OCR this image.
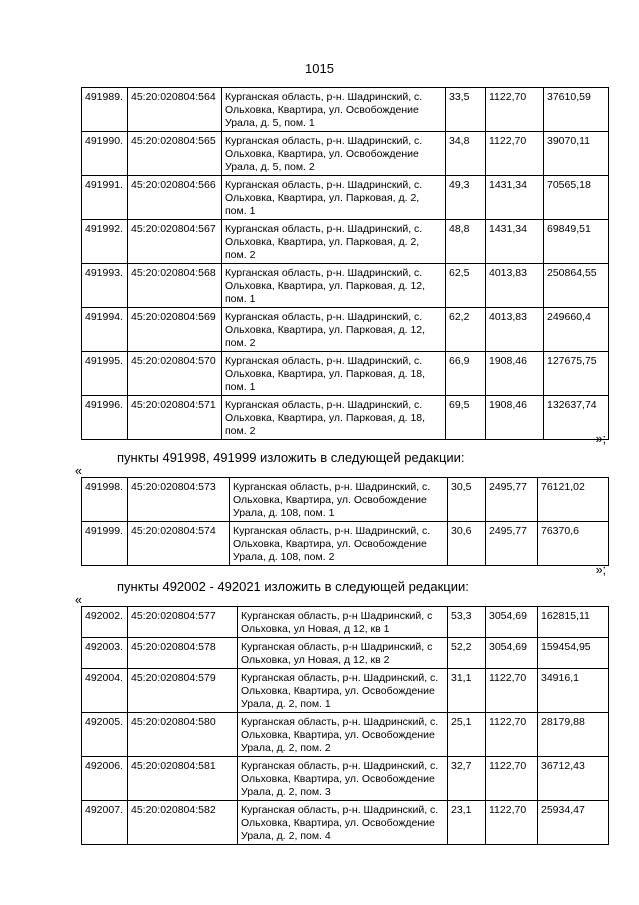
1015
491989.	45:20:020804:564	Курганская область, р-н. Шадринский, с. Ольховка, Квартира, ул. Освобождение Урала, д. 5, пом. 1	33,5	1122,70	37610,59
491990.	45:20:020804:565	Курганская область, р-н. Шадринский, с. Ольховка, Квартира, ул. Освобождение Урала, д. 5, пом. 2	34,8	1122,70	39070,11
491991.	45:20:020804:566	Курганская область, р-н. Шадринский, с. Ольховка, Квартира, ул. Парковая, д. 2, пом. 1	49,3	1431,34	70565,18
491992.	45:20:020804:567	Курганская область, р-н. Шадринский, с. Ольховка, Квартира, ул. Парковая, д. 2, пом. 2	48,8	1431,34	69849,51
491993.	45:20:020804:568	Курганская область, р-н. Шадринский, с. Ольховка, Квартира, ул. Парковая, д. 12, пом. 1	62,5	4013,83	250864,55
491994.	45:20:020804:569	Курганская область, р-н. Шадринский, с. Ольховка, Квартира, ул. Парковая, д. 12, пом. 2	62,2	4013,83	249660,4
491995.	45:20:020804:570	Курганская область, р-н. Шадринский, с. Ольховка, Квартира, ул. Парковая, д. 18, пом. 1	66,9	1908,46	127675,75
491996.	45:20:020804:571	Курганская область, р-н. Шадринский, с. Ольховка, Квартира, ул. Парковая, д. 18, пом. 2	69,5	1908,46	132637,74
»;
пункты 491998, 491999 изложить в следующей редакции:
«
491998.	45:20:020804:573	Курганская область, р-н. Шадринский, с. Ольховка, Квартира, ул. Освобождение Урала, д. 108, пом. 1	30,5	2495,77	76121,02
491999.	45:20:020804:574	Курганская область, р-н. Шадринский, с. Ольховка, Квартира, ул. Освобождение Урала, д. 108, пом. 2	30,6	2495,77	76370,6
»;
пункты 492002 - 492021 изложить в следующей редакции:
«
492002.	45:20:020804:577	Курганская область, р-н Шадринский, с Ольховка, ул Новая, д 12, кв 1	53,3	3054,69	162815,11
492003.	45:20:020804:578	Курганская область, р-н Шадринский, с Ольховка, ул Новая, д 12, кв 2	52,2	3054,69	159454,95
492004.	45:20:020804:579	Курганская область, р-н. Шадринский, с. Ольховка, Квартира, ул. Освобождение Урала, д. 2, пом. 1	31,1	1122,70	34916,1
492005.	45:20:020804:580	Курганская область, р-н. Шадринский, с. Ольховка, Квартира, ул. Освобождение Урала, д. 2, пом. 2	25,1	1122,70	28179,88
492006.	45:20:020804:581	Курганская область, р-н. Шадринский, с. Ольховка, Квартира, ул. Освобождение Урала, д. 2, пом. 3	32,7	1122,70	36712,43
492007.	45:20:020804:582	Курганская область, р-н. Шадринский, с. Ольховка, Квартира, ул. Освобождение Урала, д. 2, пом. 4	23,1	1122,70	25934,47
